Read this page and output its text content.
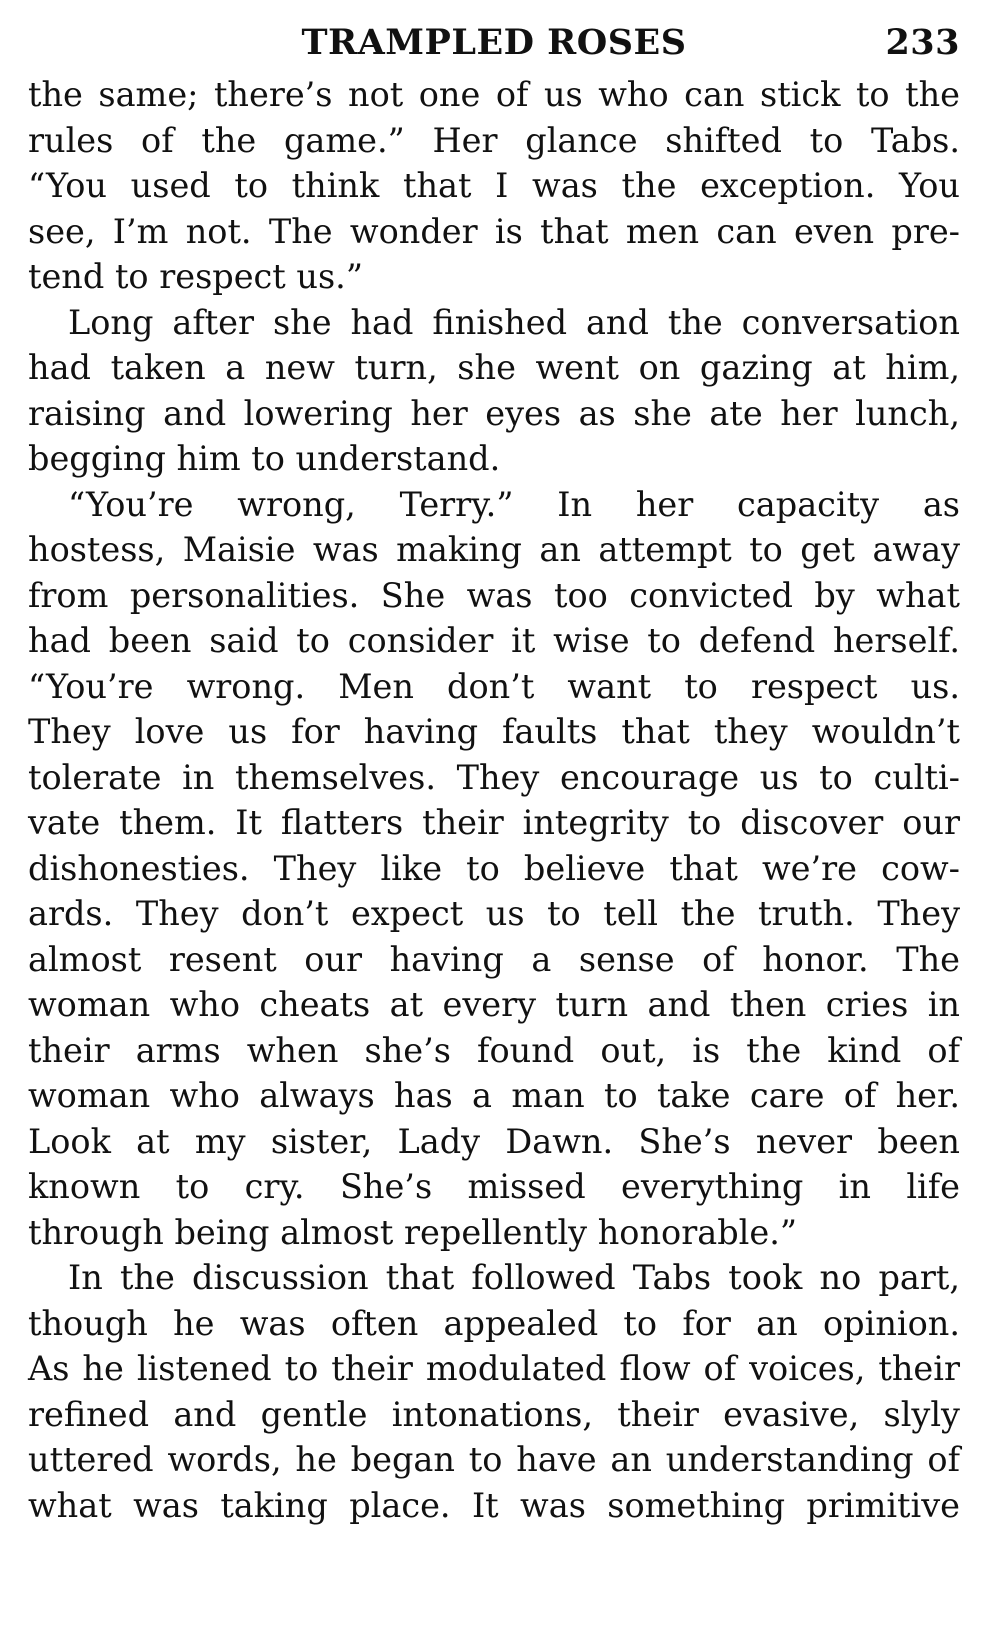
TRAMPLED ROSES	233
the same; there’s not one of us who can stick to the
rules of the game.” Her glance shifted to Tabs.
“You used to think that I was the exception. You
see, I’m not. The wonder is that men can even pre-
tend to respect us.”
Long after she had finished and the conversation
had taken a new turn, she went on gazing at him,
raising and lowering her eyes as she ate her lunch,
begging him to understand.
“You’re wrong, Terry.” In her capacity as
hostess, Maisie was making an attempt to get away
from personalities. She was too convicted by what
had been said to consider it wise to defend herself.
“You’re wrong. Men don’t want to respect us.
They love us for having faults that they wouldn’t
tolerate in themselves. They encourage us to culti-
vate them. It flatters their integrity to discover our
dishonesties. They like to believe that we’re cow-
ards. They don’t expect us to tell the truth. They
almost resent our having a sense of honor. The
woman who cheats at every turn and then cries in
their arms when she’s found out, is the kind of
woman who always has a man to take care of her.
Look at my sister, Lady Dawn. She’s never been
known to cry. She’s missed everything in life
through being almost repellently honorable.”
In the discussion that followed Tabs took no part,
though he was often appealed to for an opinion.
As he listened to their modulated flow of voices, their
refined and gentle intonations, their evasive, slyly
uttered words, he began to have an understanding of
what was taking place. It was something primitive
